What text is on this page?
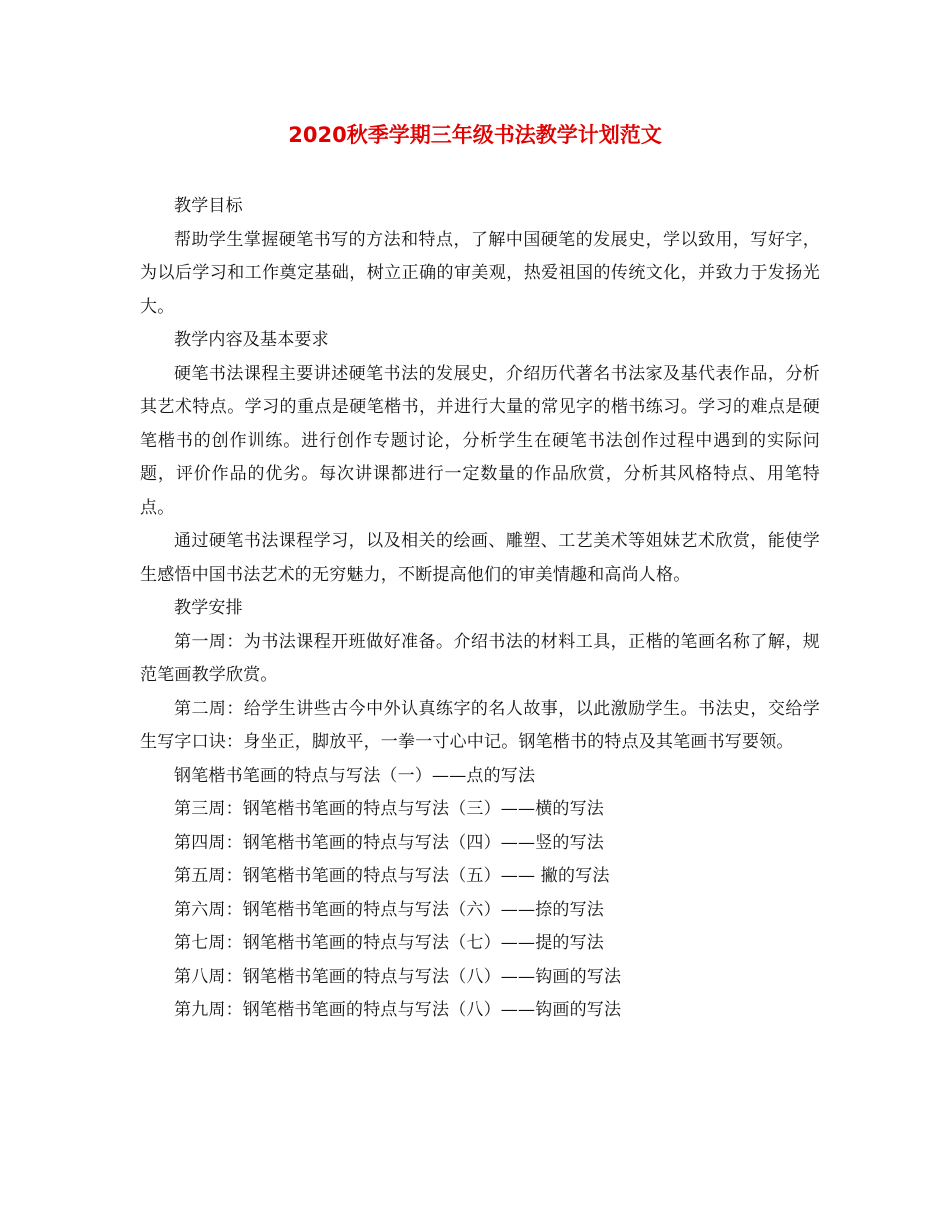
2020秋季学期三年级书法教学计划范文

教学目标

帮助学生掌握硬笔书写的方法和特点，了解中国硬笔的发展史，学以致用，写好字，为以后学习和工作奠定基础，树立正确的审美观，热爱祖国的传统文化，并致力于发扬光大。

教学内容及基本要求

硬笔书法课程主要讲述硬笔书法的发展史，介绍历代著名书法家及基代表作品，分析其艺术特点。学习的重点是硬笔楷书，并进行大量的常见字的楷书练习。学习的难点是硬笔楷书的创作训练。进行创作专题讨论，分析学生在硬笔书法创作过程中遇到的实际问题，评价作品的优劣。每次讲课都进行一定数量的作品欣赏，分析其风格特点、用笔特点。

通过硬笔书法课程学习，以及相关的绘画、雕塑、工艺美术等姐妹艺术欣赏，能使学生感悟中国书法艺术的无穷魅力，不断提高他们的审美情趣和高尚人格。

教学安排

第一周：为书法课程开班做好准备。介绍书法的材料工具，正楷的笔画名称了解，规范笔画教学欣赏。

第二周：给学生讲些古今中外认真练字的名人故事，以此激励学生。书法史，交给学生写字口诀：身坐正，脚放平，一拳一寸心中记。钢笔楷书的特点及其笔画书写要领。

钢笔楷书笔画的特点与写法（一）——点的写法

第三周：钢笔楷书笔画的特点与写法（三）——横的写法

第四周：钢笔楷书笔画的特点与写法（四）——竖的写法

第五周：钢笔楷书笔画的特点与写法（五）—— 撇的写法

第六周：钢笔楷书笔画的特点与写法（六）——捺的写法

第七周：钢笔楷书笔画的特点与写法（七）——提的写法

第八周：钢笔楷书笔画的特点与写法（八）——钩画的写法

第九周：钢笔楷书笔画的特点与写法（八）——钩画的写法
